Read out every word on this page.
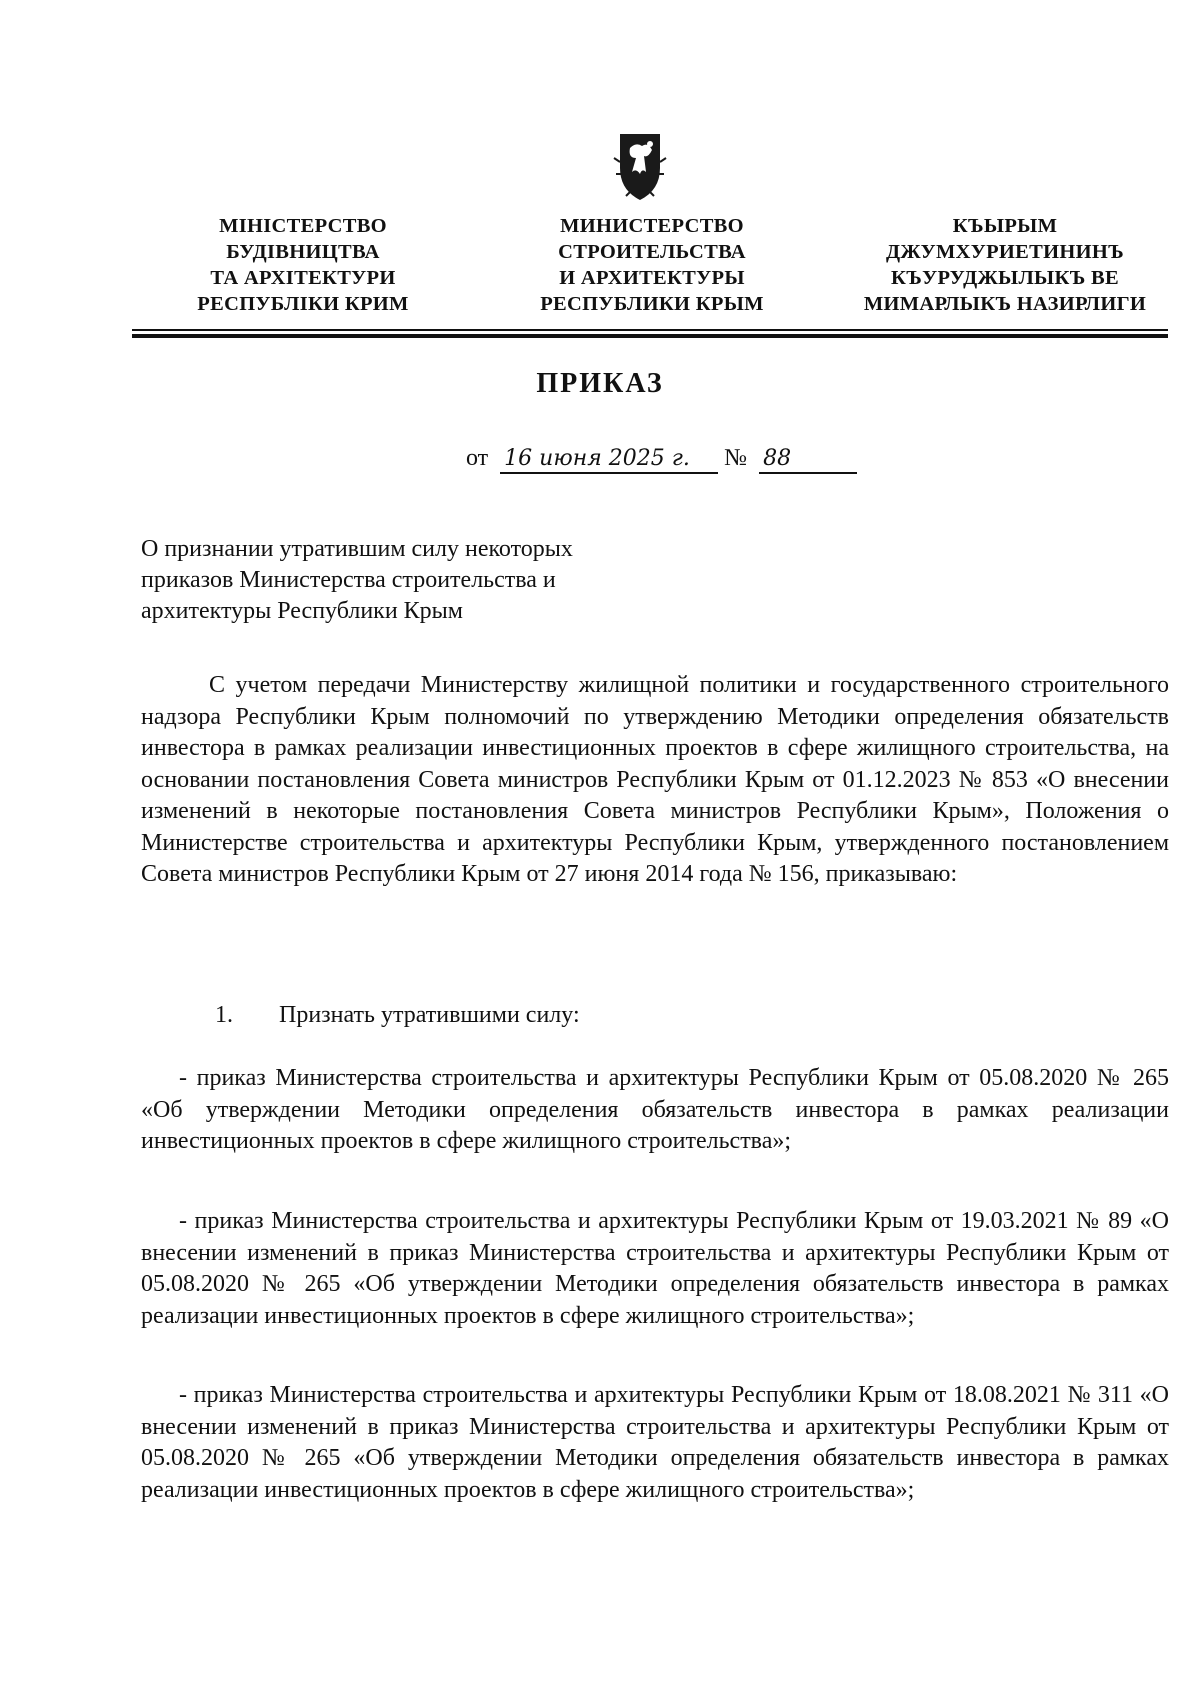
МІНІСТЕРСТВО
БУДІВНИЦТВА
ТА АРХІТЕКТУРИ
РЕСПУБЛІКИ КРИМ
МИНИСТЕРСТВО
СТРОИТЕЛЬСТВА
И АРХИТЕКТУРЫ
РЕСПУБЛИКИ КРЫМ
КЪЫРЫМ
ДЖУМХУРИЕТИНИНЪ
КЪУРУДЖЫЛЫКЪ ВЕ
МИМАРЛЫКЪ НАЗИРЛИГИ
ПРИКАЗ
от 16 июня 2025 г. № 88
О признании утратившим силу некоторых
приказов Министерства строительства и
архитектуры Республики Крым
С учетом передачи Министерству жилищной политики и государственного строительного надзора Республики Крым полномочий по утверждению Методики определения обязательств инвестора в рамках реализации инвестиционных проектов в сфере жилищного строительства, на основании постановления Совета министров Республики Крым от 01.12.2023 № 853 «О внесении изменений в некоторые постановления Совета министров Республики Крым», Положения о Министерстве строительства и архитектуры Республики Крым, утвержденного постановлением Совета министров Республики Крым от 27 июня 2014 года № 156, приказываю:
1. Признать утратившими силу:
- приказ Министерства строительства и архитектуры Республики Крым от 05.08.2020 № 265 «Об утверждении Методики определения обязательств инвестора в рамках реализации инвестиционных проектов в сфере жилищного строительства»;
- приказ Министерства строительства и архитектуры Республики Крым от 19.03.2021 № 89 «О внесении изменений в приказ Министерства строительства и архитектуры Республики Крым от 05.08.2020 № 265 «Об утверждении Методики определения обязательств инвестора в рамках реализации инвестиционных проектов в сфере жилищного строительства»;
- приказ Министерства строительства и архитектуры Республики Крым от 18.08.2021 № 311 «О внесении изменений в приказ Министерства строительства и архитектуры Республики Крым от 05.08.2020 № 265 «Об утверждении Методики определения обязательств инвестора в рамках реализации инвестиционных проектов в сфере жилищного строительства»;
